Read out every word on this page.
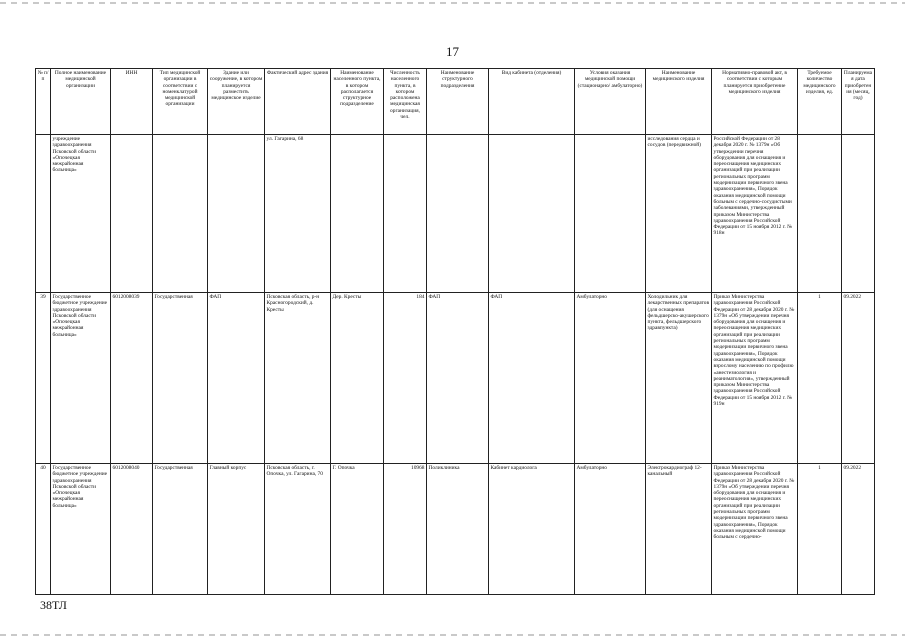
17
№ п/п	Полное наименование медицинской организации	ИНН	Тип медицинской организации в соответствии с номенклатурой медицинской организации	Здание или сооружение, в котором планируется разместить медицинское изделие	Фактический адрес здания	Наименование населенного пункта, в котором располагается структурное подразделение	Численность населенного пункта, в котором расположена медицинская организация, чел.	Наименование структурного подразделения	Вид кабинета (отделения)	Условия оказания медицинской помощи (стационарно/ амбулаторно)	Наименование медицинского изделия	Нормативно-правовой акт, в соответствии с которым планируется приобретение медицинского изделия	Требуемое количество медицинского изделия, ед.	Планируемая дата приобретения (месяц, год)
	учреждение здравоохранения Псковской области «Опочецкая межрайонная больница»				ул. Гагарина, 68						исследования сердца и сосудов (передвижной)	Российской Федерации от 28 декабря 2020 г. № 1379н «Об утверждении перечня оборудования для оснащения и переоснащения медицинских организаций при реализации региональных программ модернизации первичного звена здравоохранения», Порядок оказания медицинской помощи больным с сердечно-сосудистыми заболеваниями, утвержденный приказом Министерства здравоохранения Российской Федерации от 15 ноября 2012 г. № 918н		
39	Государственное бюджетное учреждение здравоохранения Псковской области «Опочецкая межрайонная больница»	6012008039	Государственная	ФАП	Псковская область, р-н Красногородский, д. Кресты	Дер. Кресты	184	ФАП	ФАП	Амбулаторно	Холодильник для лекарственных препаратов (для оснащения фельдшерско-акушерского пункта, фельдшерского здравпункта)	Приказ Министерства здравоохранения Российской Федерации от 28 декабря 2020 г. № 1379н «Об утверждении перечня оборудования для оснащения и переоснащения медицинских организаций при реализации региональных программ модернизации первичного звена здравоохранения», Порядок оказания медицинской помощи взрослому населению по профилю «анестезиология и реаниматология», утвержденный приказом Министерства здравоохранения Российской Федерации от 15 ноября 2012 г. № 919н	1	09.2022
40	Государственное бюджетное учреждение здравоохранения Псковской области «Опочецкая межрайонная больница»	6012008040	Государственная	Главный корпус	Псковская область, г. Опочка, ул. Гагарина, 70	Г. Опочка	10968	Поликлиника	Кабинет кардиолога	Амбулаторно	Электрокардиограф 12-канальный	Приказ Министерства здравоохранения Российской Федерации от 28 декабря 2020 г. № 1379н «Об утверждении перечня оборудования для оснащения и переоснащения медицинских организаций при реализации региональных программ модернизации первичного звена здравоохранения», Порядок оказания медицинской помощи больным с сердечно-	1	09.2022
38ТЛ
